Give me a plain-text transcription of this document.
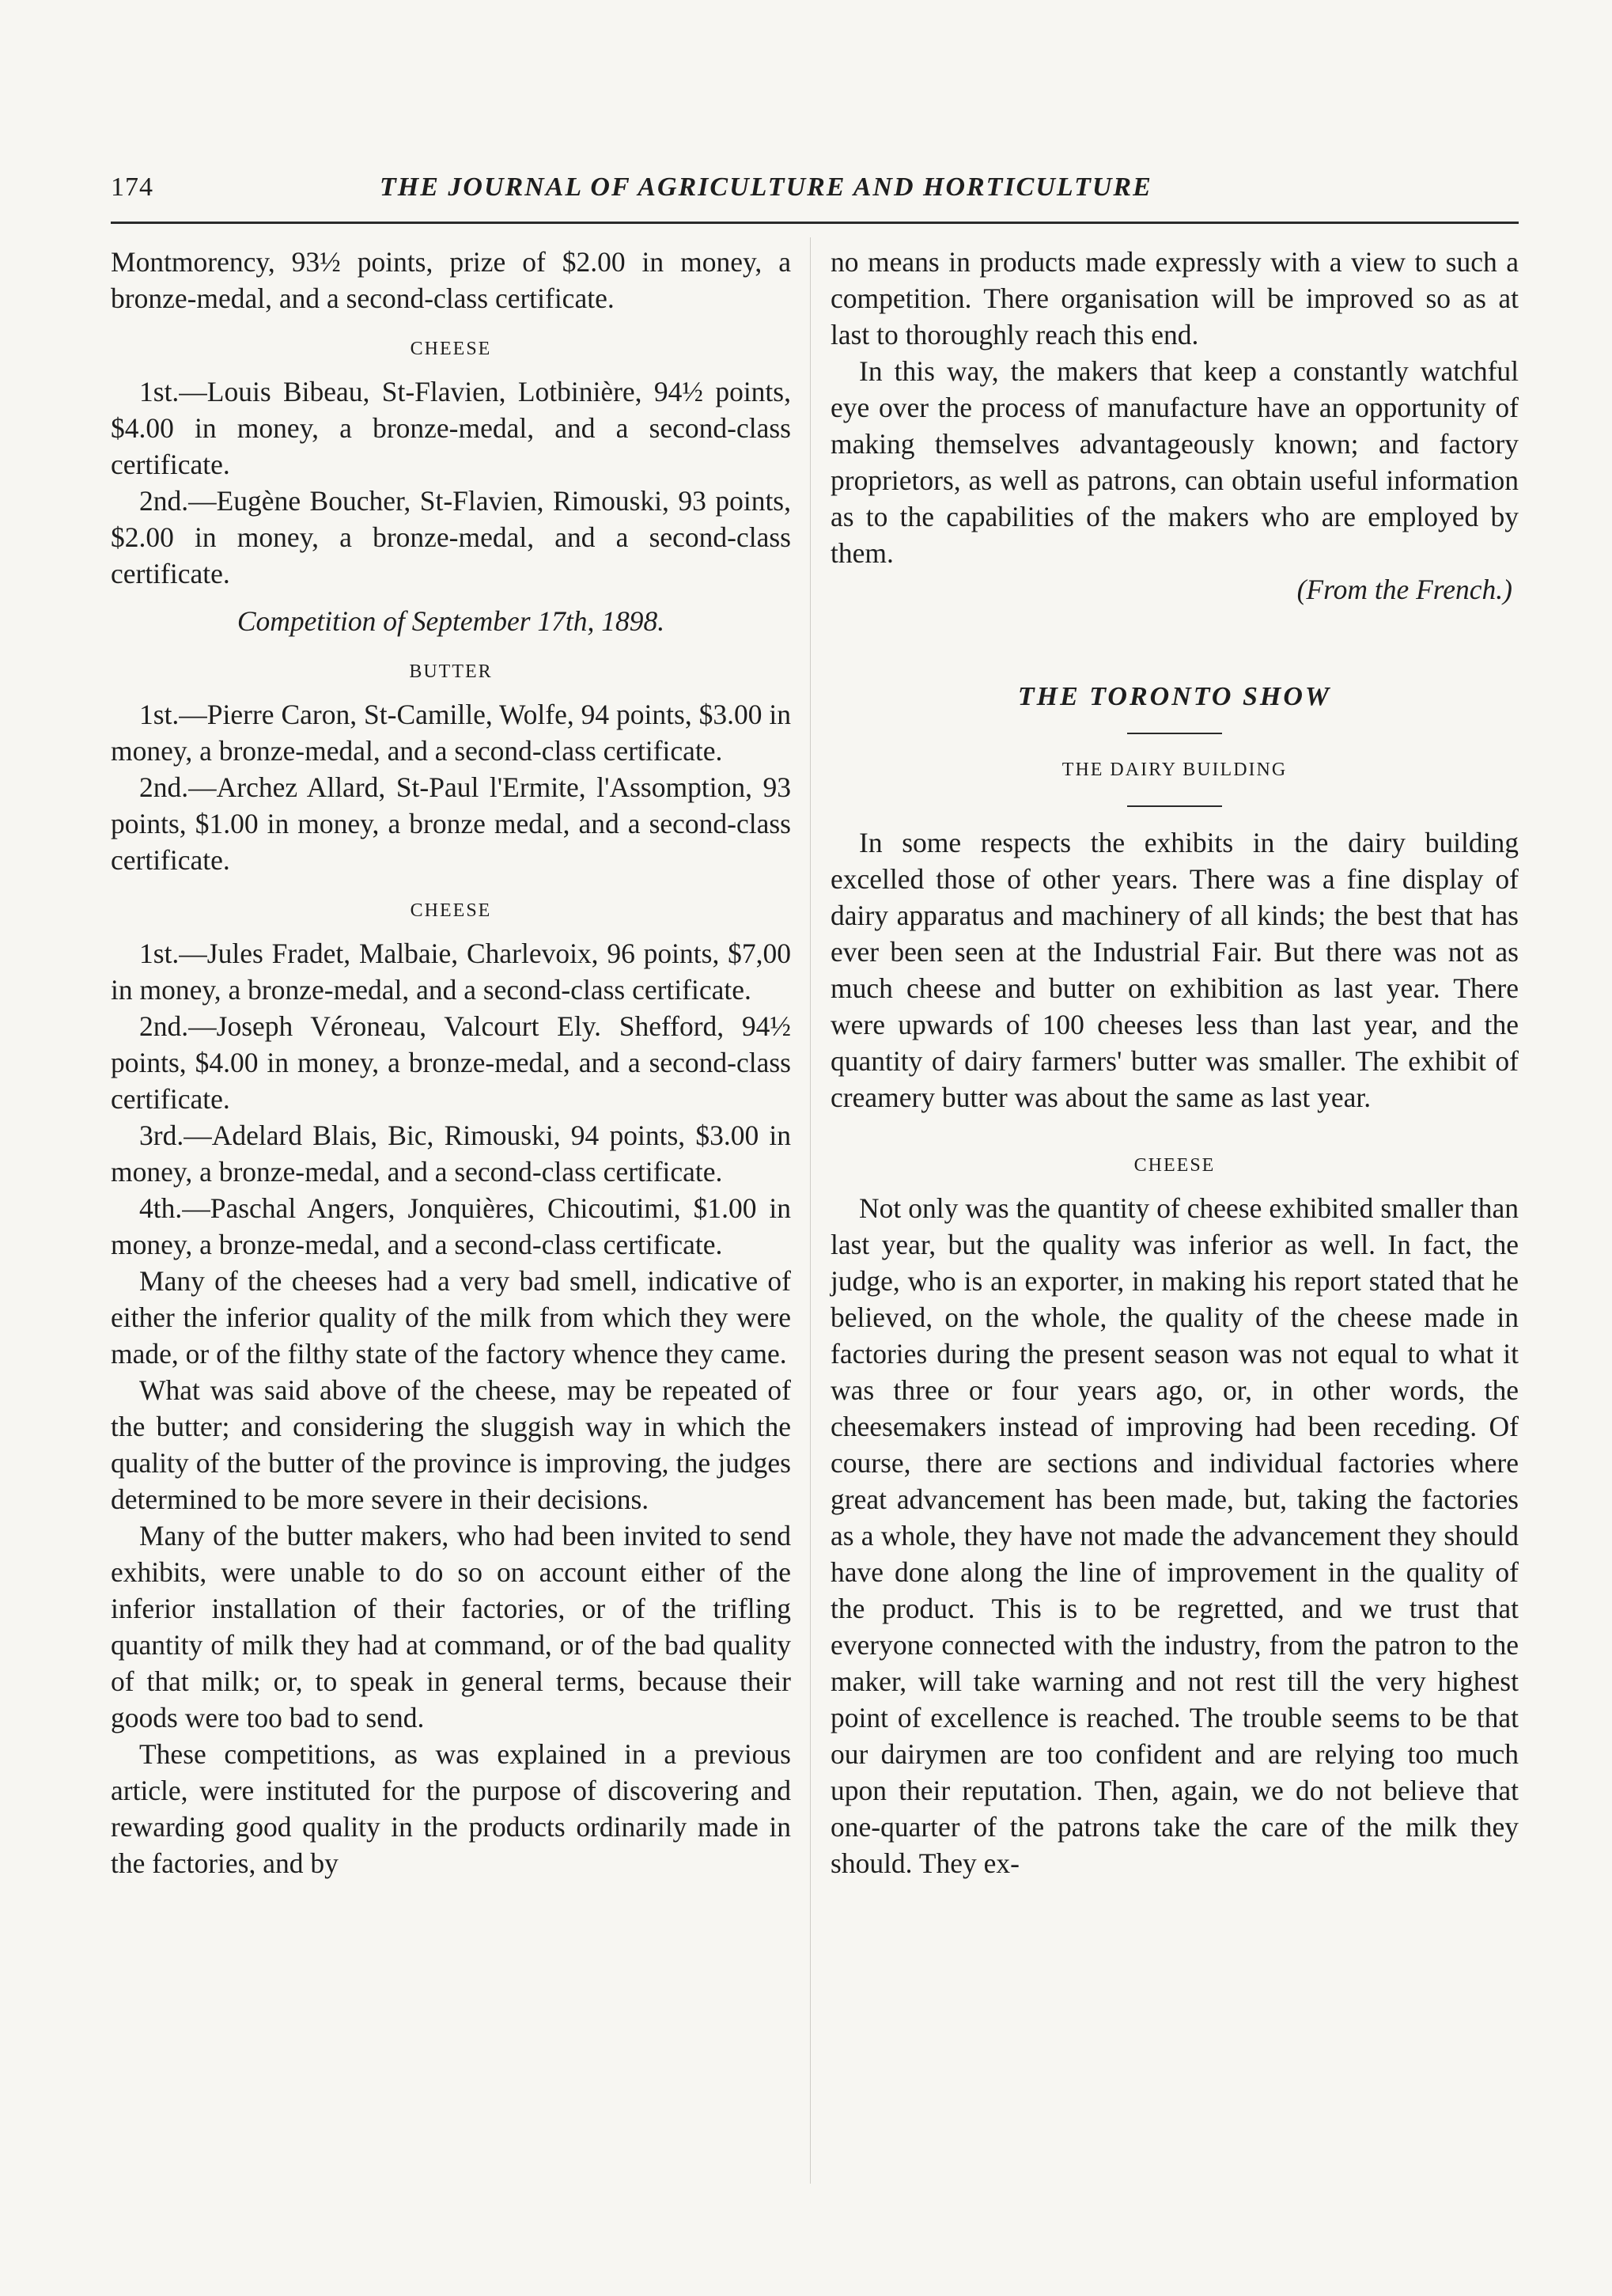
174	THE JOURNAL OF AGRICULTURE AND HORTICULTURE

Montmorency, 93½ points, prize of $2.00 in money, a bronze-medal, and a second-class certificate.

CHEESE

1st.—Louis Bibeau, St-Flavien, Lotbinière, 94½ points, $4.00 in money, a bronze-medal, and a second-class certificate.

2nd.—Eugène Boucher, St-Flavien, Rimouski, 93 points, $2.00 in money, a bronze-medal, and a second-class certificate.

Competition of September 17th, 1898.
BUTTER

1st.—Pierre Caron, St-Camille, Wolfe, 94 points, $3.00 in money, a bronze-medal, and a second-class certificate.

2nd.—Archez Allard, St-Paul l'Ermite, l'Assomption, 93 points, $1.00 in money, a bronze medal, and a second-class certificate.

CHEESE

1st.—Jules Fradet, Malbaie, Charlevoix, 96 points, $7,00 in money, a bronze-medal, and a second-class certificate.

2nd.—Joseph Véroneau, Valcourt Ely. Shefford, 94½ points, $4.00 in money, a bronze-medal, and a second-class certificate.

3rd.—Adelard Blais, Bic, Rimouski, 94 points, $3.00 in money, a bronze-medal, and a second-class certificate.

4th.—Paschal Angers, Jonquières, Chicoutimi, $1.00 in money, a bronze-medal, and a second-class certificate.

Many of the cheeses had a very bad smell, indicative of either the inferior quality of the milk from which they were made, or of the filthy state of the factory whence they came.

What was said above of the cheese, may be repeated of the butter; and considering the sluggish way in which the quality of the butter of the province is improving, the judges determined to be more severe in their decisions.

Many of the butter makers, who had been invited to send exhibits, were unable to do so on account either of the inferior installation of their factories, or of the trifling quantity of milk they had at command, or of the bad quality of that milk; or, to speak in general terms, because their goods were too bad to send.

These competitions, as was explained in a previous article, were instituted for the purpose of discovering and rewarding good quality in the products ordinarily made in the factories, and by

no means in products made expressly with a view to such a competition. There organisation will be improved so as at last to thoroughly reach this end.

In this way, the makers that keep a constantly watchful eye over the process of manufacture have an opportunity of making themselves advantageously known; and factory proprietors, as well as patrons, can obtain useful information as to the capabilities of the makers who are employed by them.

(From the French.)
THE TORONTO SHOW
THE DAIRY BUILDING

In some respects the exhibits in the dairy building excelled those of other years. There was a fine display of dairy apparatus and machinery of all kinds; the best that has ever been seen at the Industrial Fair. But there was not as much cheese and butter on exhibition as last year. There were upwards of 100 cheeses less than last year, and the quantity of dairy farmers' butter was smaller. The exhibit of creamery butter was about the same as last year.

CHEESE

Not only was the quantity of cheese exhibited smaller than last year, but the quality was inferior as well. In fact, the judge, who is an exporter, in making his report stated that he believed, on the whole, the quality of the cheese made in factories during the present season was not equal to what it was three or four years ago, or, in other words, the cheesemakers instead of improving had been receding. Of course, there are sections and individual factories where great advancement has been made, but, taking the factories as a whole, they have not made the advancement they should have done along the line of improvement in the quality of the product. This is to be regretted, and we trust that everyone connected with the industry, from the patron to the maker, will take warning and not rest till the very highest point of excellence is reached. The trouble seems to be that our dairymen are too confident and are relying too much upon their reputation. Then, again, we do not believe that one-quarter of the patrons take the care of the milk they should. They ex-
